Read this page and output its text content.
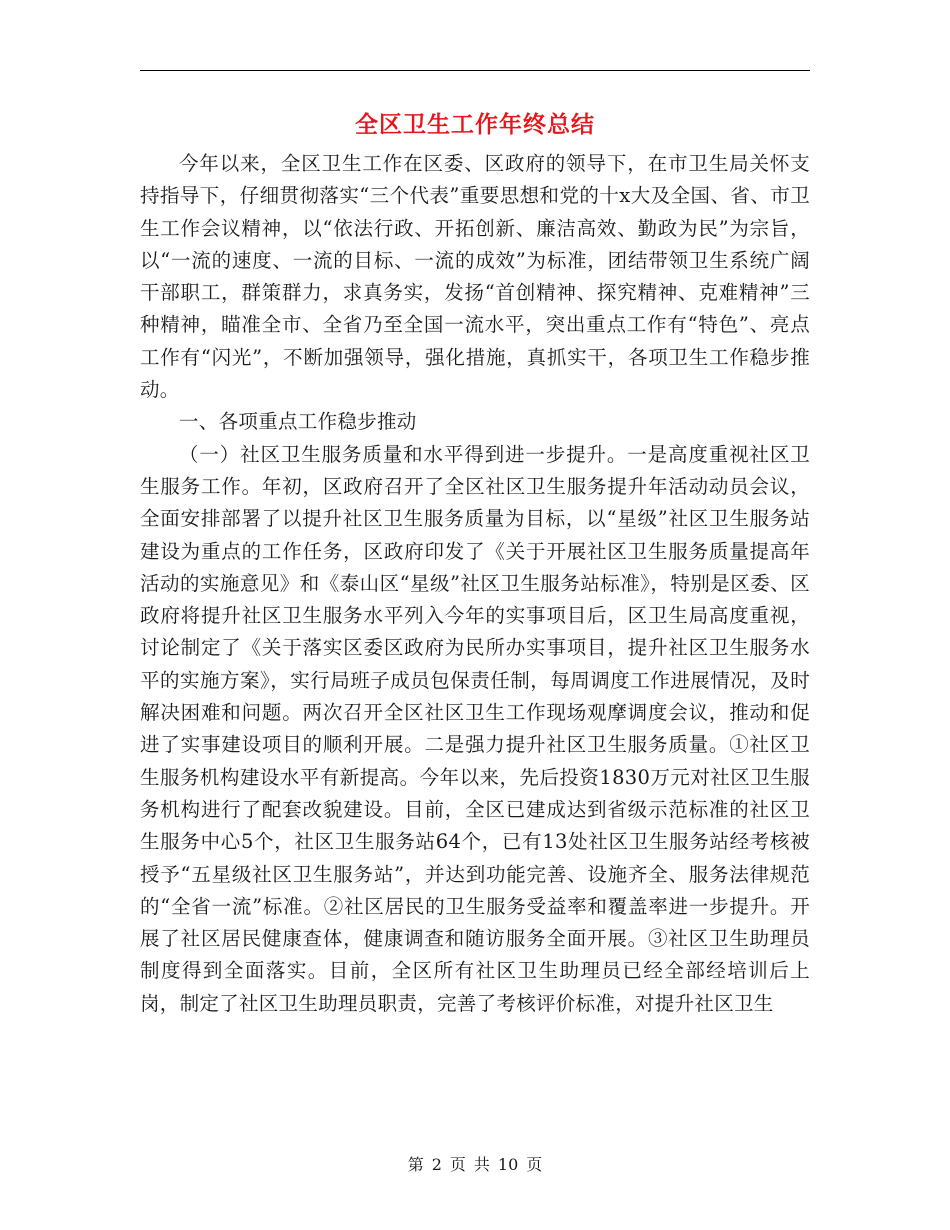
全区卫生工作年终总结

今年以来，全区卫生工作在区委、区政府的领导下，在市卫生局关怀支持指导下，仔细贯彻落实“三个代表”重要思想和党的十x大及全国、省、市卫生工作会议精神，以“依法行政、开拓创新、廉洁高效、勤政为民”为宗旨，以“一流的速度、一流的目标、一流的成效”为标准，团结带领卫生系统广阔干部职工，群策群力，求真务实，发扬“首创精神、探究精神、克难精神”三种精神，瞄准全市、全省乃至全国一流水平，突出重点工作有“特色”、亮点工作有“闪光”，不断加强领导，强化措施，真抓实干，各项卫生工作稳步推动。

一、各项重点工作稳步推动

（一）社区卫生服务质量和水平得到进一步提升。一是高度重视社区卫生服务工作。年初，区政府召开了全区社区卫生服务提升年活动动员会议，全面安排部署了以提升社区卫生服务质量为目标，以“星级”社区卫生服务站建设为重点的工作任务，区政府印发了《关于开展社区卫生服务质量提高年活动的实施意见》和《泰山区“星级”社区卫生服务站标准》，特别是区委、区政府将提升社区卫生服务水平列入今年的实事项目后，区卫生局高度重视，讨论制定了《关于落实区委区政府为民所办实事项目，提升社区卫生服务水平的实施方案》，实行局班子成员包保责任制，每周调度工作进展情况，及时解决困难和问题。两次召开全区社区卫生工作现场观摩调度会议，推动和促进了实事建设项目的顺利开展。二是强力提升社区卫生服务质量。①社区卫生服务机构建设水平有新提高。今年以来，先后投资1830万元对社区卫生服务机构进行了配套改貌建设。目前，全区已建成达到省级示范标准的社区卫生服务中心5个，社区卫生服务站64个，已有13处社区卫生服务站经考核被授予“五星级社区卫生服务站”，并达到功能完善、设施齐全、服务法律规范的“全省一流”标准。②社区居民的卫生服务受益率和覆盖率进一步提升。开展了社区居民健康查体，健康调查和随访服务全面开展。③社区卫生助理员制度得到全面落实。目前，全区所有社区卫生助理员已经全部经培训后上岗，制定了社区卫生助理员职责，完善了考核评价标准，对提升社区卫生

第 2 页 共 10 页
